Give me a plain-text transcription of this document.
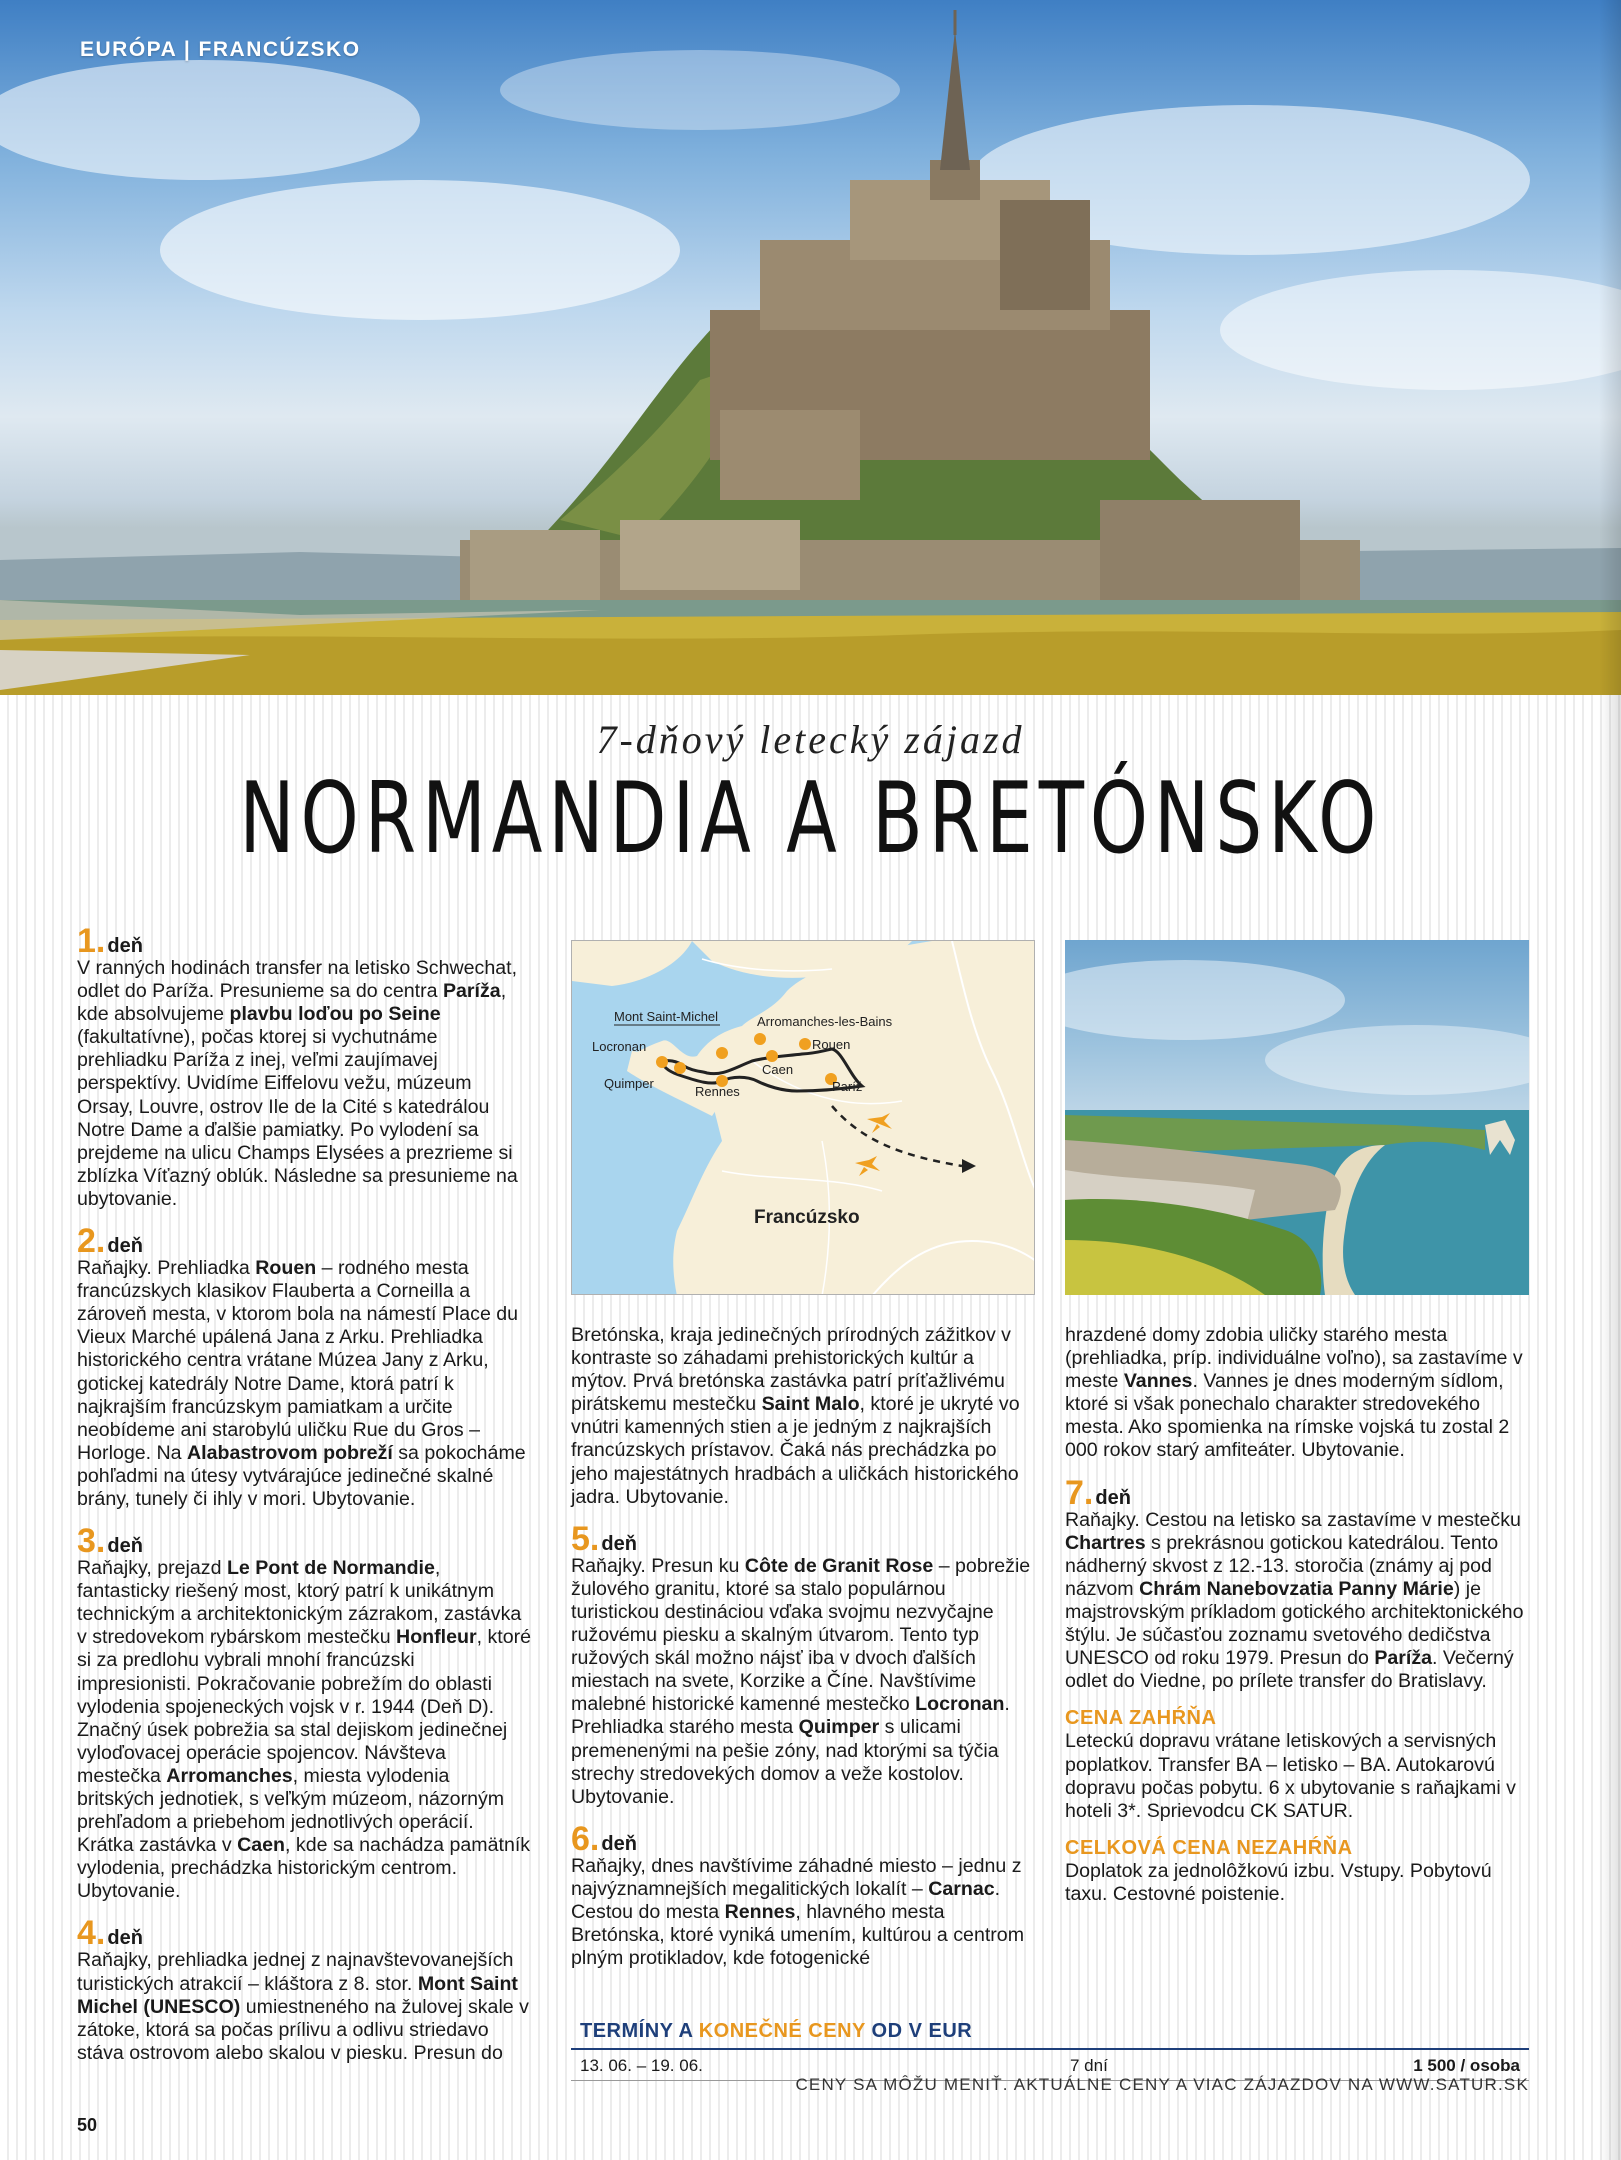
EURÓPA | FRANCÚZSKO
7-dňový letecký zájazd
NORMANDIA A BRETÓNSKO
1. deň
V ranných hodinách transfer na letisko Schwechat, odlet do Paríža. Presunieme sa do centra Paríža, kde absolvujeme plavbu loďou po Seine (fakultatívne), počas ktorej si vychutnáme prehliadku Paríža z inej, veľmi zaujímavej perspektívy. Uvidíme Eiffelovu vežu, múzeum Orsay, Louvre, ostrov Ile de la Cité s katedrálou Notre Dame a ďalšie pamiatky. Po vylodení sa prejdeme na ulicu Champs Elysées a prezrieme si zblízka Víťazný oblúk. Následne sa presunieme na ubytovanie.
2. deň
Raňajky. Prehliadka Rouen – rodného mesta francúzskych klasikov Flauberta a Corneilla a zároveň mesta, v ktorom bola na námestí Place du Vieux Marché upálená Jana z Arku. Prehliadka historického centra vrátane Múzea Jany z Arku, gotickej katedrály Notre Dame, ktorá patrí k najkrajším francúzskym pamiatkam a určite neobídeme ani starobylú uličku Rue du Gros – Horloge. Na Alabastrovom pobreží sa pokocháme pohľadmi na útesy vytvárajúce jedinečné skalné brány, tunely či ihly v mori. Ubytovanie.
3. deň
Raňajky, prejazd Le Pont de Normandie, fantasticky riešený most, ktorý patrí k unikátnym technickým a architektonickým zázrakom, zastávka v stredovekom rybárskom mestečku Honfleur, ktoré si za predlohu vybrali mnohí francúzski impresionisti. Pokračovanie pobrežím do oblasti vylodenia spojeneckých vojsk v r. 1944 (Deň D). Značný úsek pobrežia sa stal dejiskom jedinečnej vyloďovacej operácie spojencov. Návšteva mestečka Arromanches, miesta vylodenia britských jednotiek, s veľkým múzeom, názorným prehľadom a priebehom jednotlivých operácií. Krátka zastávka v Caen, kde sa nachádza pamätník vylodenia, prechádzka historickým centrom. Ubytovanie.
4. deň
Raňajky, prehliadka jednej z najnavštevovanejších turistických atrakcií – kláštora z 8. stor. Mont Saint Michel (UNESCO) umiestneného na žulovej skale v zátoke, ktorá sa počas prílivu a odlivu striedavo stáva ostrovom alebo skalou v piesku. Presun do
Mont Saint-Michel	Arromanches-les-Bains
Locronan
Caen
Rouen
Quimper
Rennes	Paríž
Francúzsko
Bretónska, kraja jedinečných prírodných zážitkov v kontraste so záhadami prehistorických kultúr a mýtov. Prvá bretónska zastávka patrí príťažlivému pirátskemu mestečku Saint Malo, ktoré je ukryté vo vnútri kamenných stien a je jedným z najkrajších francúzskych prístavov. Čaká nás prechádzka po jeho majestátnych hradbách a uličkách historického jadra. Ubytovanie.
5. deň
Raňajky. Presun ku Côte de Granit Rose – pobrežie žulového granitu, ktoré sa stalo populárnou turistickou destináciou vďaka svojmu nezvyčajne ružovému piesku a skalným útvarom. Tento typ ružových skál možno nájsť iba v dvoch ďalších miestach na svete, Korzike a Číne. Navštívime malebné historické kamenné mestečko Locronan. Prehliadka starého mesta Quimper s ulicami premenenými na pešie zóny, nad ktorými sa týčia strechy stredovekých domov a veže kostolov. Ubytovanie.
6. deň
Raňajky, dnes navštívime záhadné miesto – jednu z najvýznamnejších megalitických lokalít – Carnac. Cestou do mesta Rennes, hlavného mesta Bretónska, ktoré vyniká umením, kultúrou a centrom plným protikladov, kde fotogenické
hrazdené domy zdobia uličky starého mesta (prehliadka, príp. individuálne voľno), sa zastavíme v meste Vannes. Vannes je dnes moderným sídlom, ktoré si však ponechalo charakter stredovekého mesta. Ako spomienka na rímske vojská tu zostal 2 000 rokov starý amfiteáter. Ubytovanie.
7. deň
Raňajky. Cestou na letisko sa zastavíme v mestečku Chartres s prekrásnou gotickou katedrálou. Tento nádherný skvost z 12.-13. storočia (známy aj pod názvom Chrám Nanebovzatia Panny Márie) je majstrovským príkladom gotického architektonického štýlu. Je súčasťou zoznamu svetového dedičstva UNESCO od roku 1979. Presun do Paríža. Večerný odlet do Viedne, po prílete transfer do Bratislavy.
CENA ZAHŔŇA
Leteckú dopravu vrátane letiskových a servisných poplatkov. Transfer BA – letisko – BA. Autokarovú dopravu počas pobytu. 6 x ubytovanie s raňajkami v hoteli 3*. Sprievodcu CK SATUR.
CELKOVÁ CENA NEZAHŔŇA
Doplatok za jednolôžkovú izbu. Vstupy. Pobytovú taxu. Cestovné poistenie.
TERMÍNY A KONEČNÉ CENY OD V EUR
13. 06. – 19. 06.	7 dní	1 500 / osoba
CENY SA MÔŽU MENIŤ. AKTUÁLNE CENY A VIAC ZÁJAZDOV NA WWW.SATUR.SK
50
